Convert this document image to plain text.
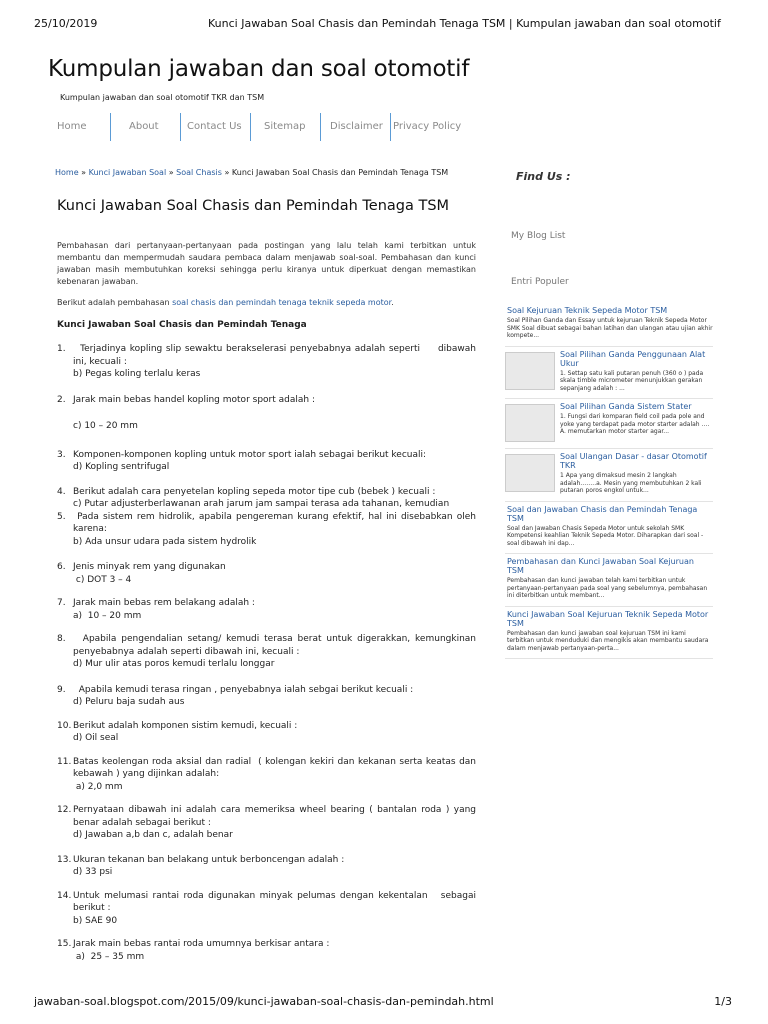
25/10/2019	Kunci Jawaban Soal Chasis dan Pemindah Tenaga TSM | Kumpulan jawaban dan soal otomotif
Kumpulan jawaban dan soal otomotif
Kumpulan jawaban dan soal otomotif TKR dan TSM
Home	About	Contact Us	Sitemap	Disclaimer	Privacy Policy
Home » Kunci Jawaban Soal » Soal Chasis » Kunci Jawaban Soal Chasis dan Pemindah Tenaga TSM
Kunci Jawaban Soal Chasis dan Pemindah Tenaga TSM
Pembahasan dari pertanyaan-pertanyaan pada postingan yang lalu telah kami terbitkan untuk membantu dan mempermudah saudara pembaca dalam menjawab soal-soal. Pembahasan dan kunci jawaban masih membutuhkan koreksi sehingga perlu kiranya untuk diperkuat dengan memastikan kebenaran jawaban.
Berikut adalah pembahasan soal chasis dan pemindah tenaga teknik sepeda motor.
Kunci Jawaban Soal Chasis dan Pemindah Tenaga
1. Terjadinya kopling slip sewaktu berakselerasi penyebabnya adalah seperti     dibawah ini, kecuali :
b) Pegas koling terlalu keras
2. Jarak main bebas handel kopling motor sport adalah :
c) 10 – 20 mm
3. Komponen-komponen kopling untuk motor sport ialah sebagai berikut kecuali:
d) Kopling sentrifugal
4. Berikut adalah cara penyetelan kopling sepeda motor tipe cub (bebek ) kecuali :
c) Putar adjusterberlawanan arah jarum jam sampai terasa ada tahanan, kemudian
5. Pada sistem rem hidrolik, apabila pengereman kurang efektif, hal ini disebabkan oleh karena:
b) Ada unsur udara pada sistem hydrolik
6. Jenis minyak rem yang digunakan
c) DOT 3 – 4
7. Jarak main bebas rem belakang adalah :
a)  10 – 20 mm
8. Apabila pengendalian setang/ kemudi terasa berat untuk digerakkan, kemungkinan penyebabnya adalah seperti dibawah ini, kecuali :
d) Mur ulir atas poros kemudi terlalu longgar
9. Apabila kemudi terasa ringan , penyebabnya ialah sebgai berikut kecuali :
d) Peluru baja sudah aus
10. Berikut adalah komponen sistim kemudi, kecuali :
d) Oil seal
11. Batas keolengan roda aksial dan radial  ( kolengan kekiri dan kekanan serta keatas dan kebawah ) yang dijinkan adalah:
a) 2,0 mm
12. Pernyataan dibawah ini adalah cara memeriksa wheel bearing ( bantalan roda ) yang benar adalah sebagai berikut :
d) Jawaban a,b dan c, adalah benar
13. Ukuran tekanan ban belakang untuk berboncengan adalah :
d) 33 psi
14. Untuk melumasi rantai roda digunakan minyak pelumas dengan kekentalan   sebagai berikut :
b) SAE 90
15. Jarak main bebas rantai roda umumnya berkisar antara :
a)  25 – 35 mm
Find Us :
My Blog List
Entri Populer
Soal Kejuruan Teknik Sepeda Motor TSM
Soal Pilihan Ganda dan Essay untuk kejuruan Teknik Sepeda Motor SMK Soal dibuat sebagai bahan latihan dan ulangan atau ujian akhir kompete...
Soal Pilihan Ganda Penggunaan Alat Ukur
1. Settap satu kali putaran penuh (360 o ) pada skala timble micrometer menunjukkan gerakan sepanjang adalah : ...
Soal Pilihan Ganda Sistem Stater
1. Fungsi dari komparan field coil pada pole and yoke yang terdapat pada motor starter adalah …. A. memutarkan motor starter agar...
Soal Ulangan Dasar - dasar Otomotif TKR
1 Apa yang dimaksud mesin 2 langkah adalah……..a. Mesin yang membutuhkan 2 kali putaran poros engkol untuk...
Soal dan Jawaban Chasis dan Pemindah Tenaga TSM
Soal dan Jawaban Chasis Sepeda Motor untuk sekolah SMK Kompetensi keahlian Teknik Sepeda Motor. Diharapkan dari soal - soal dibawah ini dap...
Pembahasan dan Kunci Jawaban Soal Kejuruan TSM
Pembahasan dan kunci jawaban telah kami terbitkan untuk pertanyaan-pertanyaan pada soal yang sebelumnya, pembahasan ini diterbitkan untuk membant...
Kunci Jawaban Soal Kejuruan Teknik Sepeda Motor TSM
Pembahasan dan kunci jawaban soal kejuruan TSM ini kami terbitkan untuk menduduki dan mengikis akan membantu saudara dalam menjawab pertanyaan-perta...
jawaban-soal.blogspot.com/2015/09/kunci-jawaban-soal-chasis-dan-pemindah.html	1/3
